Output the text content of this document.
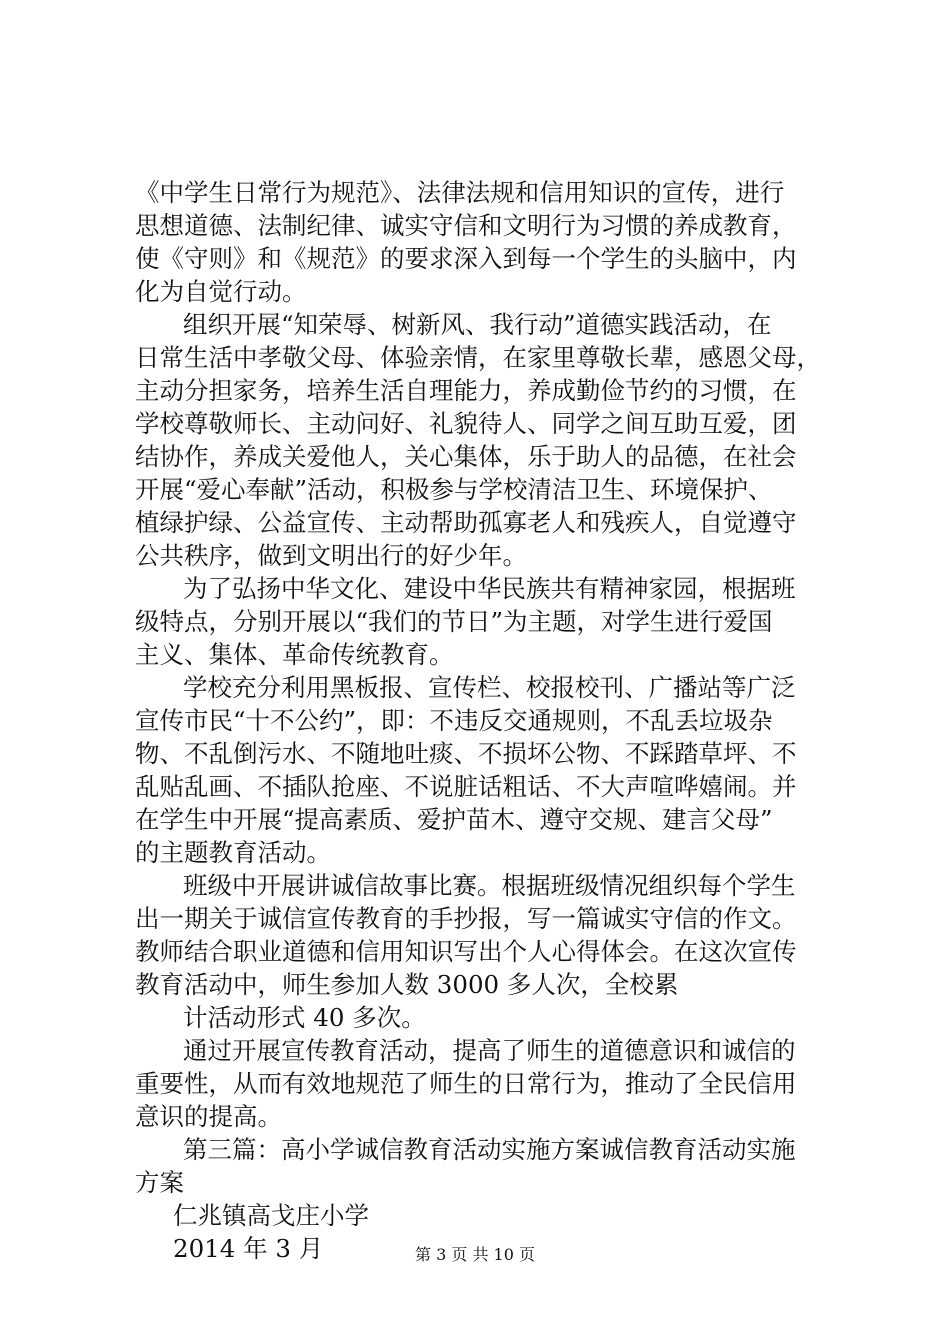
《中学生日常行为规范》、法律法规和信用知识的宣传，进行
思想道德、法制纪律、诚实守信和文明行为习惯的养成教育，
使《守则》和《规范》的要求深入到每一个学生的头脑中，内
化为自觉行动。
组织开展“知荣辱、树新风、我行动”道德实践活动，在
日常生活中孝敬父母、体验亲情，在家里尊敬长辈，感恩父母，
主动分担家务，培养生活自理能力，养成勤俭节约的习惯，在
学校尊敬师长、主动问好、礼貌待人、同学之间互助互爱，团
结协作，养成关爱他人，关心集体，乐于助人的品德，在社会
开展“爱心奉献”活动，积极参与学校清洁卫生、环境保护、
植绿护绿、公益宣传、主动帮助孤寡老人和残疾人，自觉遵守
公共秩序，做到文明出行的好少年。
为了弘扬中华文化、建设中华民族共有精神家园，根据班
级特点，分别开展以“我们的节日”为主题，对学生进行爱国
主义、集体、革命传统教育。
学校充分利用黑板报、宣传栏、校报校刊、广播站等广泛
宣传市民“十不公约”，即：不违反交通规则，不乱丢垃圾杂
物、不乱倒污水、不随地吐痰、不损坏公物、不踩踏草坪、不
乱贴乱画、不插队抢座、不说脏话粗话、不大声喧哗嬉闹。并
在学生中开展“提高素质、爱护苗木、遵守交规、建言父母”
的主题教育活动。
班级中开展讲诚信故事比赛。根据班级情况组织每个学生
出一期关于诚信宣传教育的手抄报，写一篇诚实守信的作文。
教师结合职业道德和信用知识写出个人心得体会。在这次宣传
教育活动中，师生参加人数 3000 多人次，全校累
计活动形式 40 多次。
通过开展宣传教育活动，提高了师生的道德意识和诚信的
重要性，从而有效地规范了师生的日常行为，推动了全民信用
意识的提高。
第三篇：高小学诚信教育活动实施方案诚信教育活动实施
方案
仁兆镇高戈庄小学
2014 年 3 月	第 3 页 共 10 页
